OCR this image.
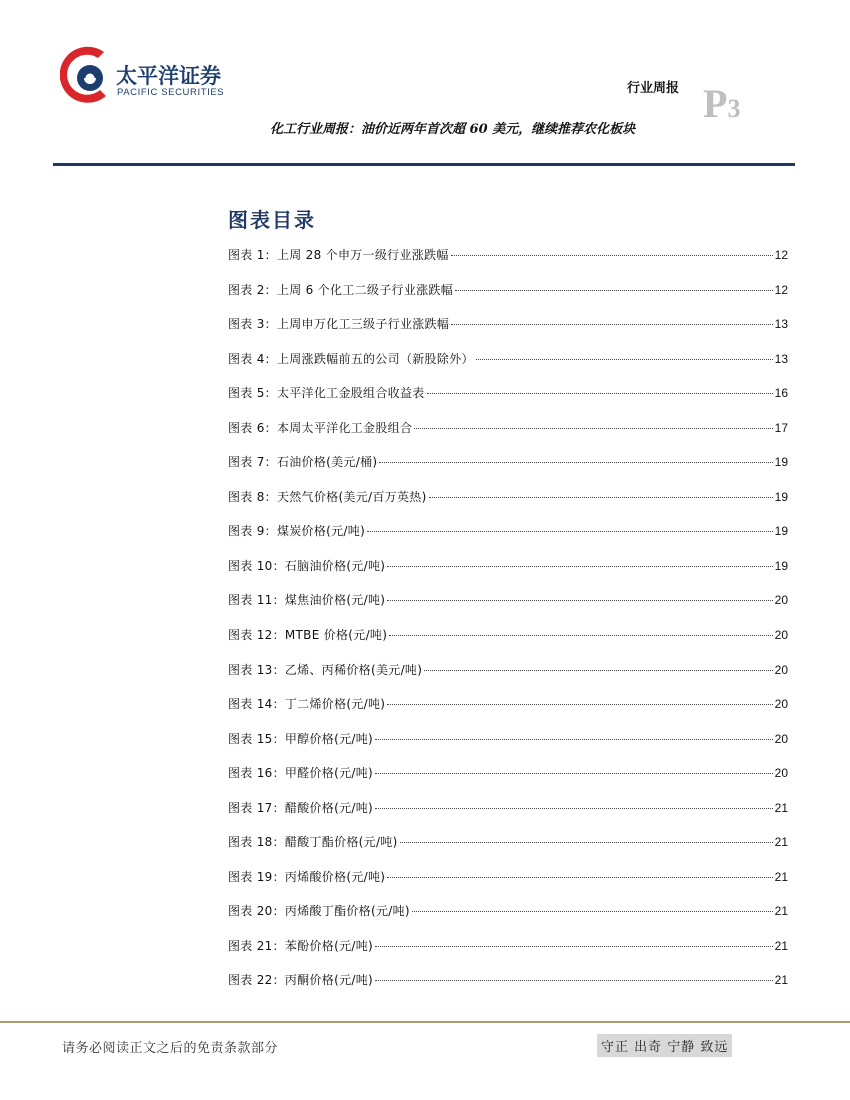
太平洋证券
PACIFIC SECURITIES	行业周报 P3
化工行业周报：油价近两年首次超 60 美元，继续推荐农化板块
图表目录
图表 1：上周 28 个申万一级行业涨跌幅	12
图表 2：上周 6 个化工二级子行业涨跌幅	12
图表 3：上周申万化工三级子行业涨跌幅	13
图表 4：上周涨跌幅前五的公司（新股除外）	13
图表 5：太平洋化工金股组合收益表	16
图表 6：本周太平洋化工金股组合	17
图表 7：石油价格(美元/桶)	19
图表 8：天然气价格(美元/百万英热)	19
图表 9：煤炭价格(元/吨)	19
图表 10：石脑油价格(元/吨)	19
图表 11：煤焦油价格(元/吨)	20
图表 12：MTBE 价格(元/吨)	20
图表 13：乙烯、丙稀价格(美元/吨)	20
图表 14：丁二烯价格(元/吨)	20
图表 15：甲醇价格(元/吨)	20
图表 16：甲醛价格(元/吨)	20
图表 17：醋酸价格(元/吨)	21
图表 18：醋酸丁酯价格(元/吨)	21
图表 19：丙烯酸价格(元/吨)	21
图表 20：丙烯酸丁酯价格(元/吨)	21
图表 21：苯酚价格(元/吨)	21
图表 22：丙酮价格(元/吨)	21
请务必阅读正文之后的免责条款部分	守正 出奇 宁静 致远
